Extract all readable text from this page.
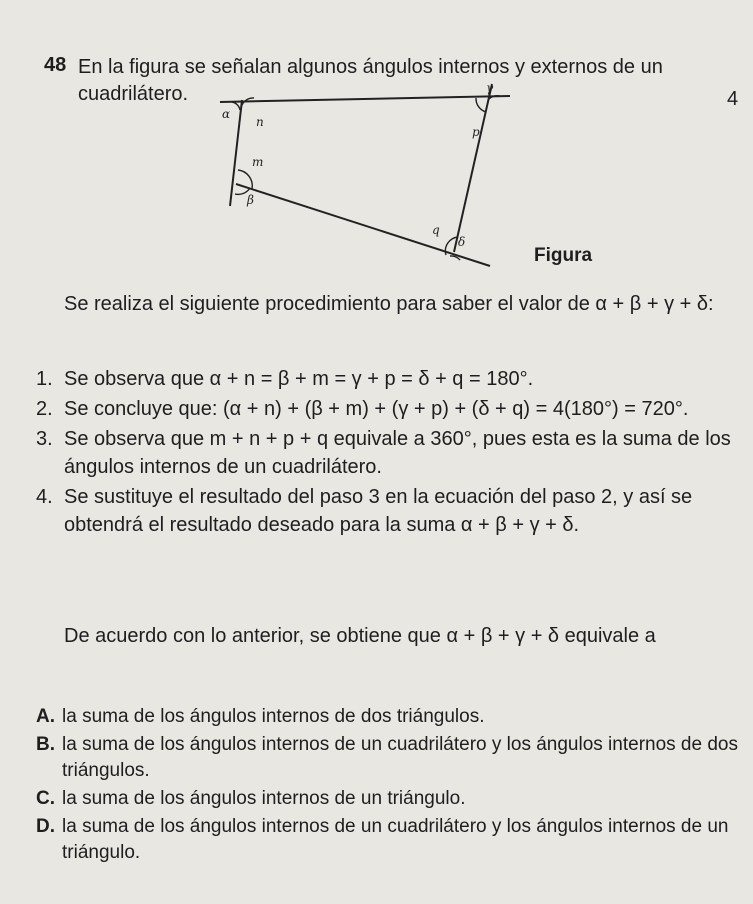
48 En la figura se señalan algunos ángulos internos y externos de un cuadrilátero.	4
α
n
m
β
γ
p
q
δ
Figura
Se realiza el siguiente procedimiento para saber el valor de α + β + γ + δ:
1. Se observa que α + n = β + m = γ + p = δ + q = 180°.
2. Se concluye que: (α + n) + (β + m) + (γ + p) + (δ + q) = 4(180°) = 720°.
3. Se observa que m + n + p + q equivale a 360°, pues esta es la suma de los ángulos internos de un cuadrilátero.
4. Se sustituye el resultado del paso 3 en la ecuación del paso 2, y así se obtendrá el resultado deseado para la suma α + β + γ + δ.
De acuerdo con lo anterior, se obtiene que α + β + γ + δ equivale a
A. la suma de los ángulos internos de dos triángulos.
B. la suma de los ángulos internos de un cuadrilátero y los ángulos internos de dos triángulos.
C. la suma de los ángulos internos de un triángulo.
D. la suma de los ángulos internos de un cuadrilátero y los ángulos internos de un triángulo.
